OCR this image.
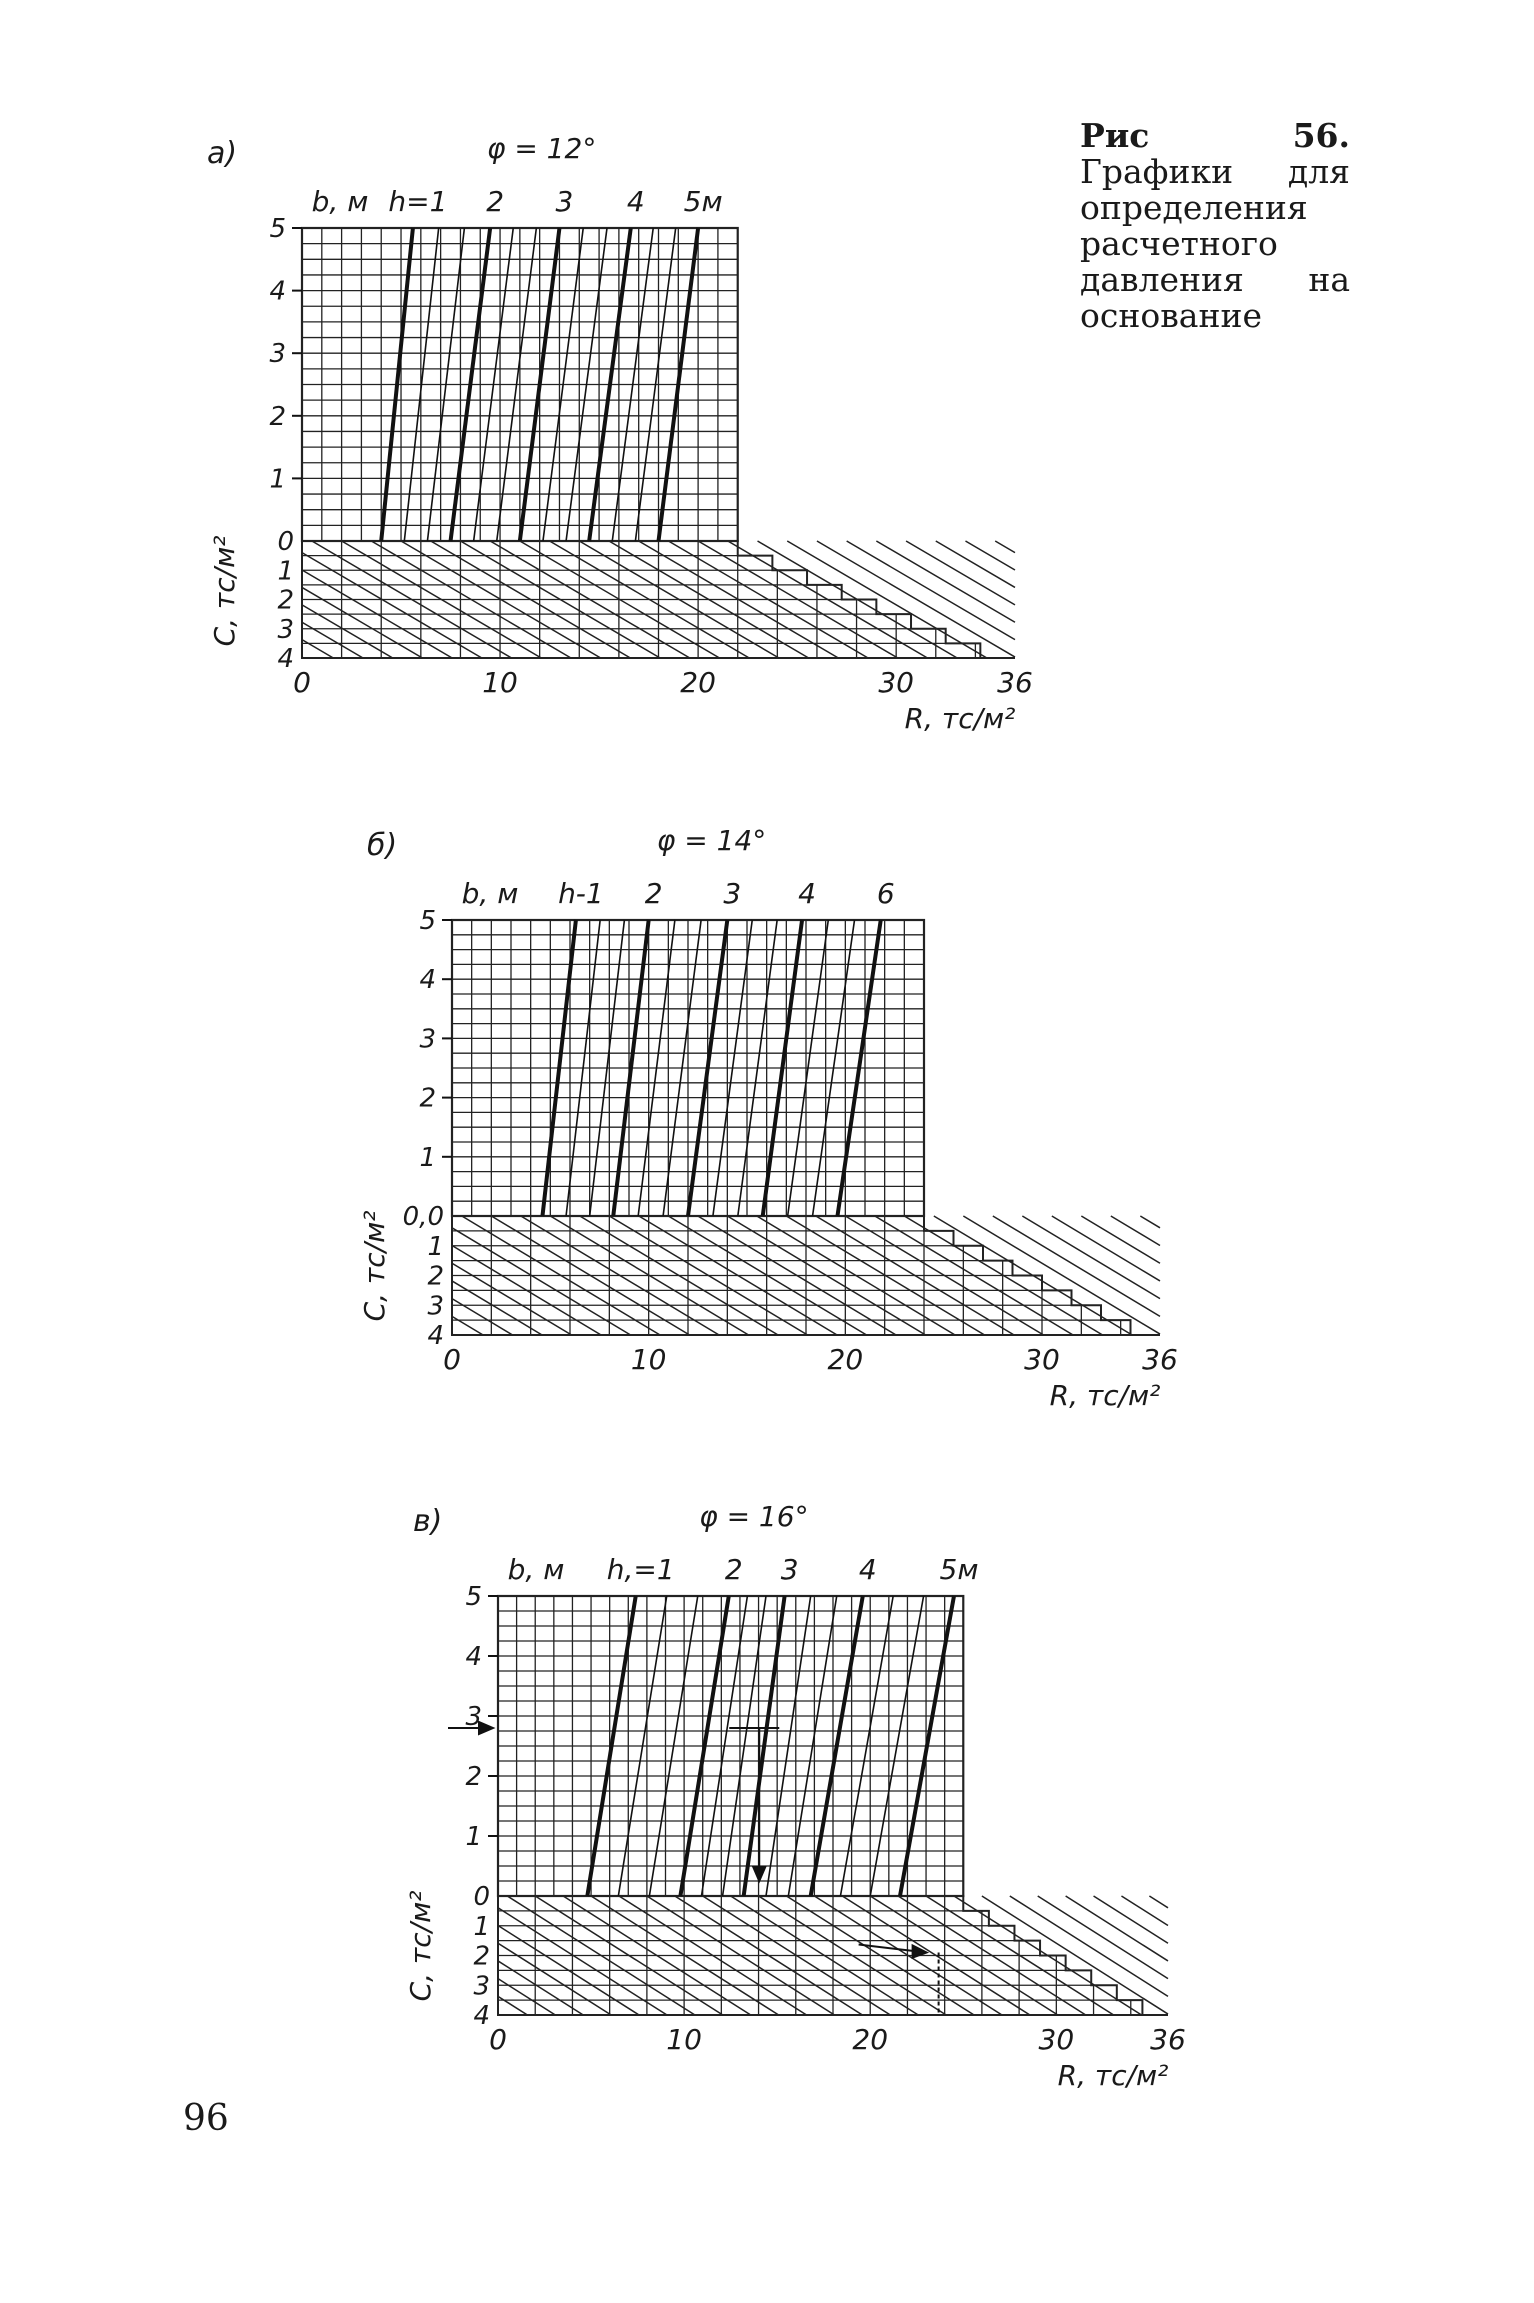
а)	φ = 12°
b, м h=1 2 3 4 5м
1
2
3
4
5
0
1
2
3
4
0	10	20	30	36
R, тс/м²
С, тс/м²
б)	φ = 14°
b, м h-1 2 3 4 6
1
2
3
4
5
0,0
1
2
3
4
0	10	20	30	36
R, тс/м²
С, тс/м²
в)	φ = 16°
b, м h,=1 2 3 4 5м
1
2
3
4
5
0
1
2
3
4
0	10	20	30	36
R, тс/м²
С, тс/м²
Рис 56. Графики для определения расчетного давления на основание
96
